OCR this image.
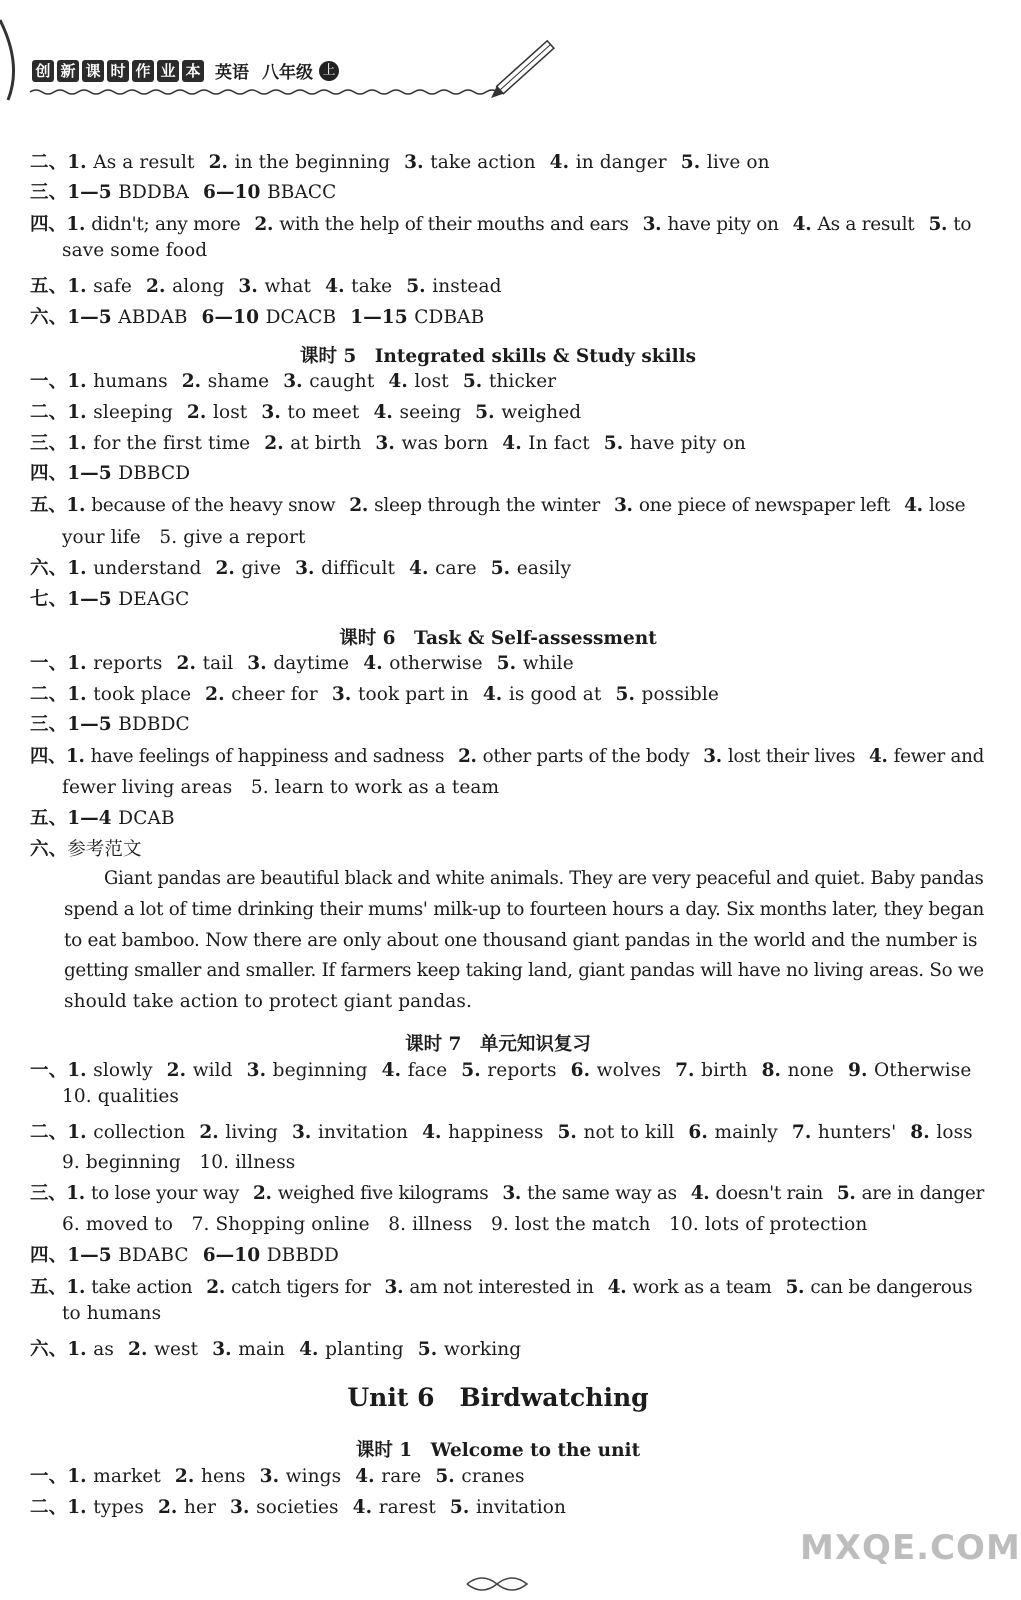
创 新 课 时 作 业 本 英语 八年级 上
二、1. As a result 2. in the beginning 3. take action 4. in danger 5. live on
三、1—5 BDDBA 6—10 BBACC
四、1. didn't; any more 2. with the help of their mouths and ears 3. have pity on 4. As a result 5. to
save some food
五、1. safe 2. along 3. what 4. take 5. instead
六、1—5 ABDAB 6—10 DCACB 1—15 CDBAB
课时 5　Integrated skills & Study skills
一、1. humans 2. shame 3. caught 4. lost 5. thicker
二、1. sleeping 2. lost 3. to meet 4. seeing 5. weighed
三、1. for the first time 2. at birth 3. was born 4. In fact 5. have pity on
四、1—5 DBBCD
五、1. because of the heavy snow 2. sleep through the winter 3. one piece of newspaper left 4. lose
your life　5. give a report
六、1. understand 2. give 3. difficult 4. care 5. easily
七、1—5 DEAGC
课时 6　Task & Self-assessment
一、1. reports 2. tail 3. daytime 4. otherwise 5. while
二、1. took place 2. cheer for 3. took part in 4. is good at 5. possible
三、1—5 BDBDC
四、1. have feelings of happiness and sadness 2. other parts of the body 3. lost their lives 4. fewer and
fewer living areas　5. learn to work as a team
五、1—4 DCAB
六、参考范文
Giant pandas are beautiful black and white animals. They are very peaceful and quiet. Baby pandas
spend a lot of time drinking their mums' milk-up to fourteen hours a day. Six months later, they began
to eat bamboo. Now there are only about one thousand giant pandas in the world and the number is
getting smaller and smaller. If farmers keep taking land, giant pandas will have no living areas. So we
should take action to protect giant pandas.
课时 7　单元知识复习
一、1. slowly 2. wild 3. beginning 4. face 5. reports 6. wolves 7. birth 8. none 9. Otherwise
10. qualities
二、1. collection 2. living 3. invitation 4. happiness 5. not to kill 6. mainly 7. hunters' 8. loss
9. beginning　10. illness
三、1. to lose your way 2. weighed five kilograms 3. the same way as 4. doesn't rain 5. are in danger
6. moved to　7. Shopping online　8. illness　9. lost the match　10. lots of protection
四、1—5 BDABC 6—10 DBBDD
五、1. take action 2. catch tigers for 3. am not interested in 4. work as a team 5. can be dangerous
to humans
六、1. as 2. west 3. main 4. planting 5. working
Unit 6　Birdwatching
课时 1　Welcome to the unit
一、1. market 2. hens 3. wings 4. rare 5. cranes
二、1. types 2. her 3. societies 4. rarest 5. invitation
MXQE.COM
